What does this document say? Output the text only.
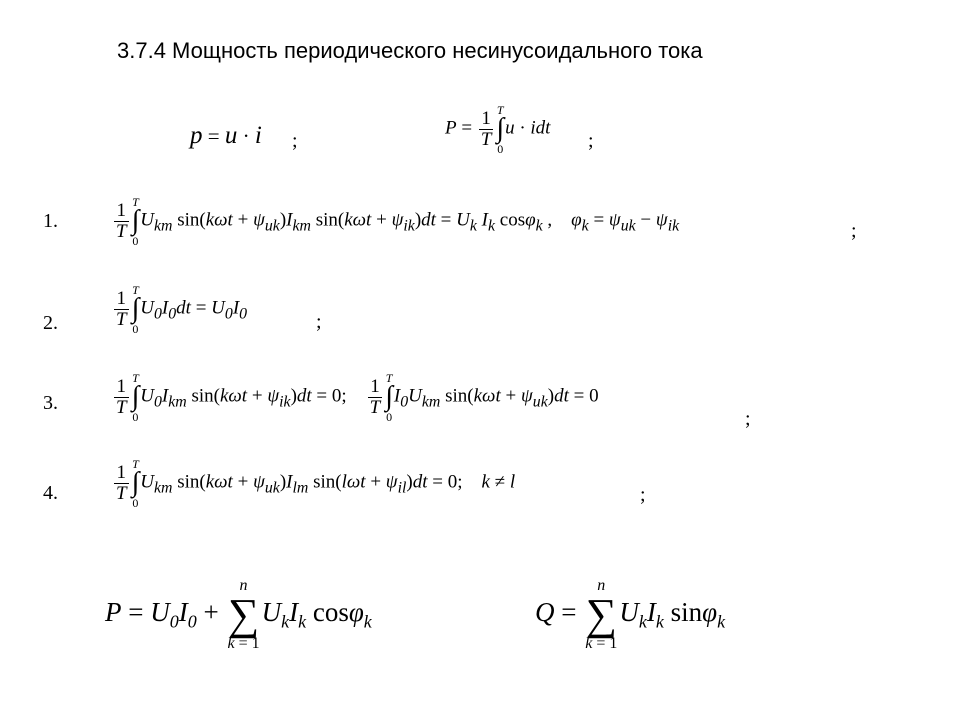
3.7.4 Мощность периодического несинусоидального тока
p = u · i ;
$P = \frac{1}{T}$ T
∫
0
u · idt
;
1.	$\frac{1}{T}$ T
∫
0
$U_{km}$ $\sin(k\omega t + \psi_{uk})I_{km}$ $\sin(k\omega t + \psi_{ik})dt = U_k$ $I_k$ cosφ$_k$ ,    $\varphi_k = \psi_{uk} - \psi_{ik}$	;
2.	$\frac{1}{T}$ T
∫
0
$U_0I_0dt = U_0I_0$	;
3.	$\frac{1}{T}$ T
∫
0
$U_0I_{km}$ $\sin(k\omega t + \psi_{ik})dt = 0$; $\frac{1}{T}$ T
∫
0
$I_0U_{km}$ $\sin(k\omega t + \psi_{uk})dt = 0$
;
4.	$\frac{1}{T}$ T
∫
0
$U_{km}$ $\sin(k\omega t + \psi_{uk})I_{lm}$ $\sin(l\omega t + \psi_{il})dt = 0$;    k ≠ l
;
$P = U_0I_0$ +
n
∑
k = 1
$U_kI_k$ cosφ$_k$	Q =
n
∑
k = 1
$U_kI_k$ sinφ$_k$
